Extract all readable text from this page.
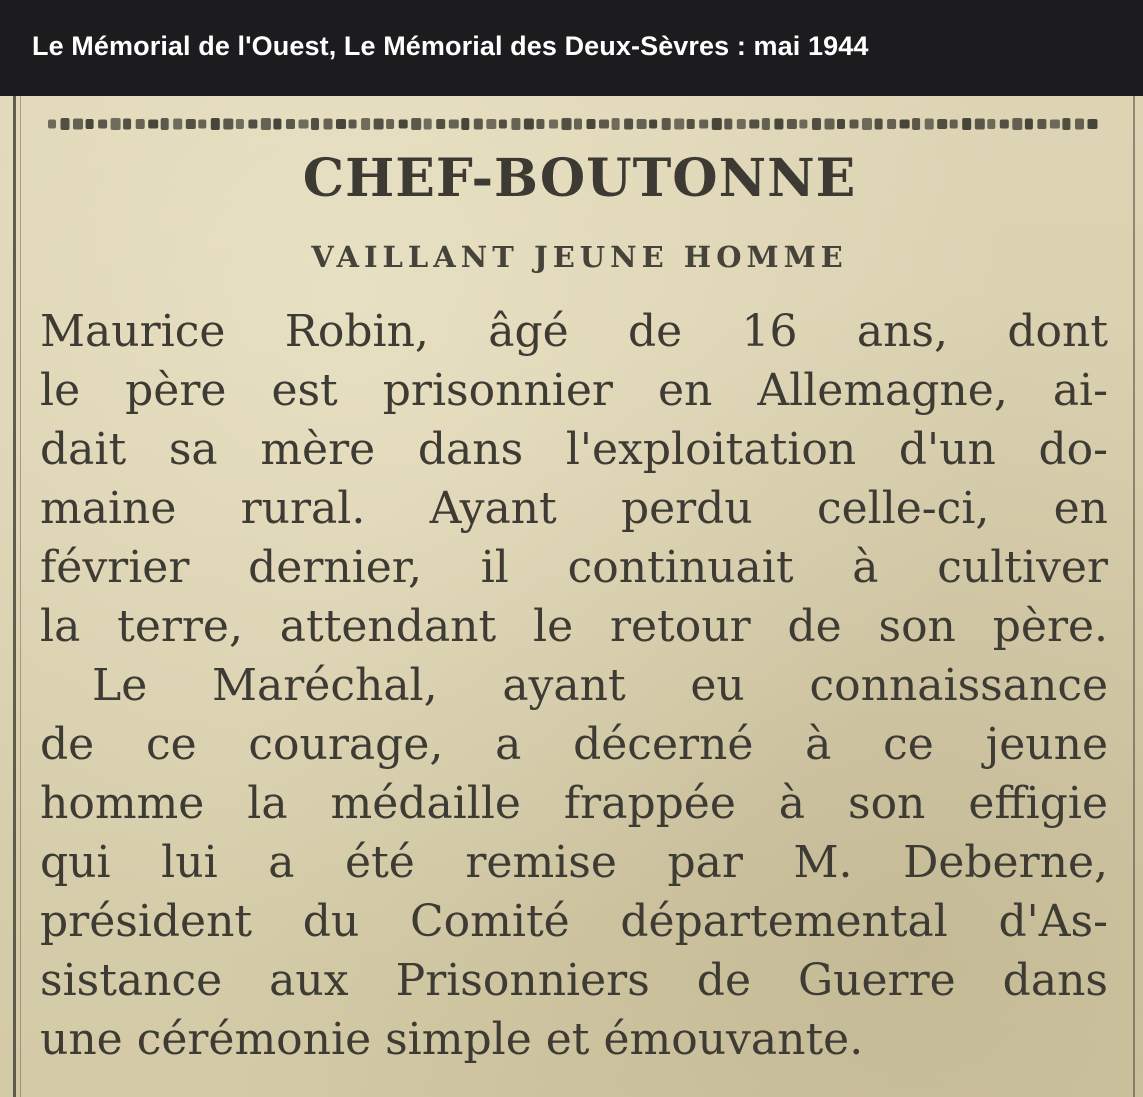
Le Mémorial de l'Ouest, Le Mémorial des Deux-Sèvres : mai 1944
CHEF-BOUTONNE
VAILLANT JEUNE HOMME
Maurice Robin, âgé de 16 ans, dont
le père est prisonnier en Allemagne, ai-
dait sa mère dans l'exploitation d'un do-
maine rural. Ayant perdu celle-ci, en
février dernier, il continuait à cultiver
la terre, attendant le retour de son père.
Le Maréchal, ayant eu connaissance
de ce courage, a décerné à ce jeune
homme la médaille frappée à son effigie
qui lui a été remise par M. Deberne,
président du Comité départemental d'As-
sistance aux Prisonniers de Guerre dans
une cérémonie simple et émouvante.
